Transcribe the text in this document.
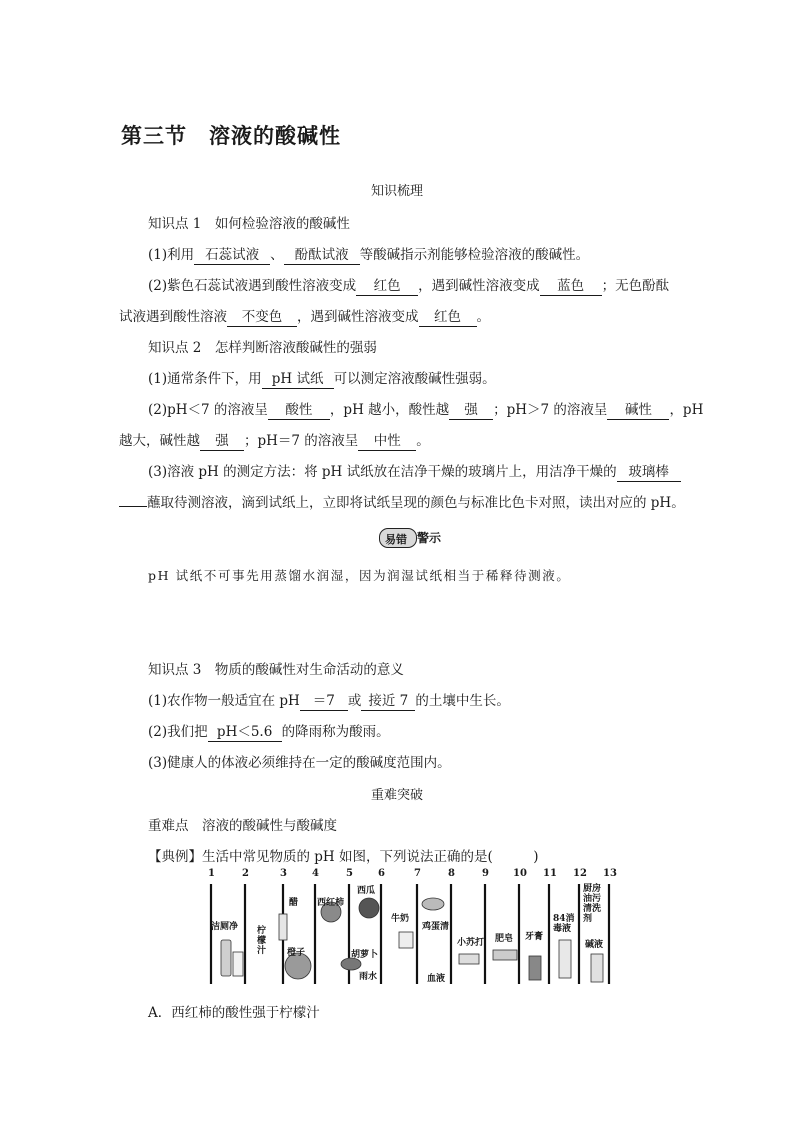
第三节 溶液的酸碱性
知识梳理
知识点 1　如何检验溶液的酸碱性
(1)利用 石蕊试液 、 酚酞试液 等酸碱指示剂能够检验溶液的酸碱性。
(2)紫色石蕊试液遇到酸性溶液变成 红色 ，遇到碱性溶液变成 蓝色 ；无色酚酞
试液遇到酸性溶液 不变色 ，遇到碱性溶液变成 红色 。
知识点 2　怎样判断溶液酸碱性的强弱
(1)通常条件下，用 pH 试纸 可以测定溶液酸碱性强弱。
(2)pH＜7 的溶液呈 酸性 ，pH 越小，酸性越 强 ；pH＞7 的溶液呈 碱性 ，pH
越大，碱性越 强 ；pH＝7 的溶液呈 中性 。
(3)溶液 pH 的测定方法：将 pH 试纸放在洁净干燥的玻璃片上，用洁净干燥的 玻璃棒
蘸取待测溶液，滴到试纸上，立即将试纸呈现的颜色与标准比色卡对照，读出对应的 pH。
易错 警示
pH 试纸不可事先用蒸馏水润湿，因为润湿试纸相当于稀释待测液。
知识点 3　物质的酸碱性对生命活动的意义
(1)农作物一般适宜在 pH ＝7 或 接近 7 的土壤中生长。
(2)我们把 pH＜5.6 的降雨称为酸雨。
(3)健康人的体液必须维持在一定的酸碱度范围内。
重难突破
重难点　溶液的酸碱性与酸碱度
【典例】生活中常见物质的 pH 如图，下列说法正确的是(　　　)
1	2	3	4	5	6	7	8	9 10 11 12 13
洁厕净 柠
檬
汁
醋 西红柿
西瓜
橙子	胡萝卜
雨水
牛奶
鸡蛋清
血液
小苏打 肥皂 牙膏
84消
毒液
厨房
油污
清洗
剂
碱液
A．西红柿的酸性强于柠檬汁
